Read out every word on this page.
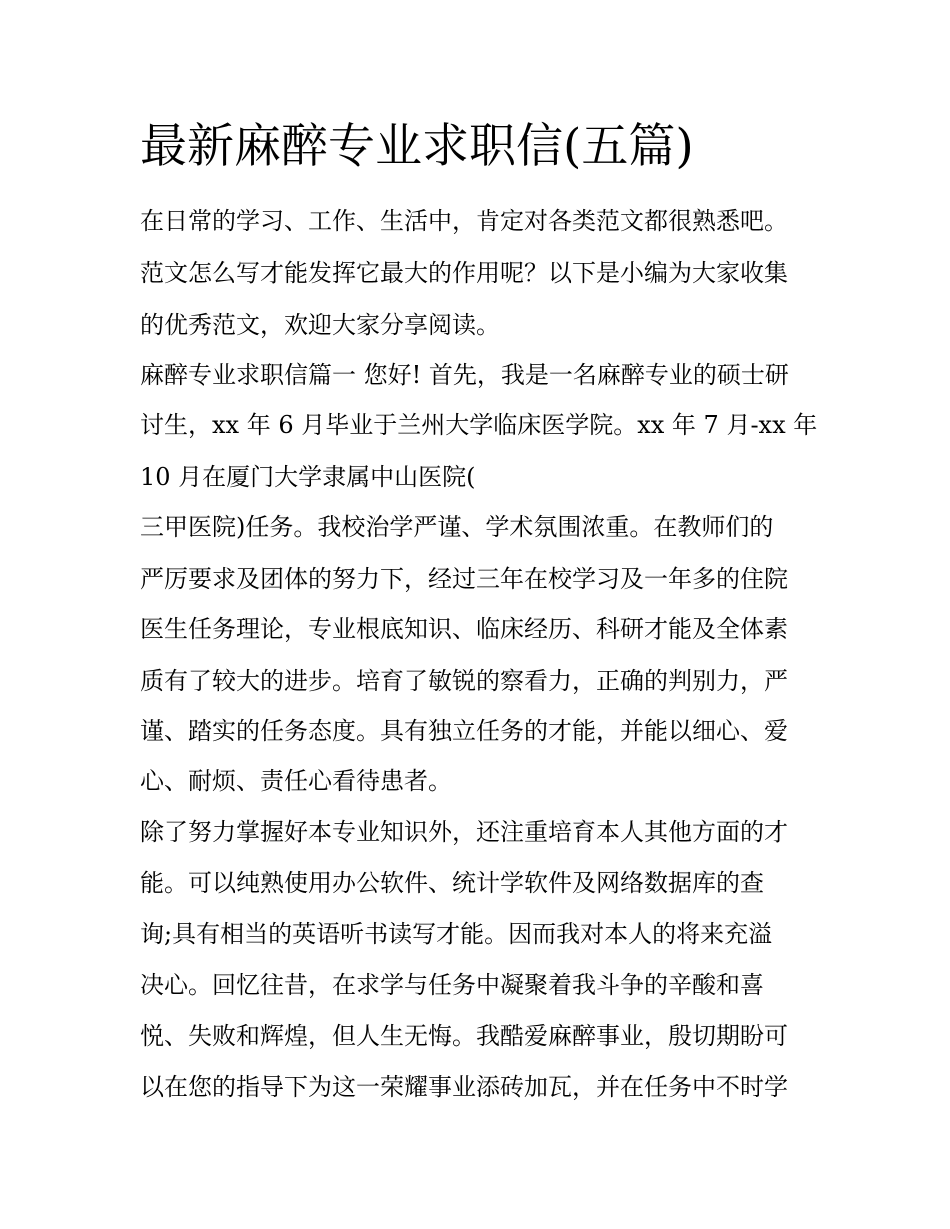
最新麻醉专业求职信(五篇)

在日常的学习、工作、生活中，肯定对各类范文都很熟悉吧。

范文怎么写才能发挥它最大的作用呢？以下是小编为大家收集

的优秀范文，欢迎大家分享阅读。

麻醉专业求职信篇一 您好! 首先，我是一名麻醉专业的硕士研

讨生，xx 年 6 月毕业于兰州大学临床医学院。xx 年 7 月-xx 年

10 月在厦门大学隶属中山医院(

三甲医院)任务。我校治学严谨、学术氛围浓重。在教师们的

严厉要求及团体的努力下，经过三年在校学习及一年多的住院

医生任务理论，专业根底知识、临床经历、科研才能及全体素

质有了较大的进步。培育了敏锐的察看力，正确的判别力，严

谨、踏实的任务态度。具有独立任务的才能，并能以细心、爱

心、耐烦、责任心看待患者。

除了努力掌握好本专业知识外，还注重培育本人其他方面的才

能。可以纯熟使用办公软件、统计学软件及网络数据库的查

询;具有相当的英语听书读写才能。因而我对本人的将来充溢

决心。回忆往昔，在求学与任务中凝聚着我斗争的辛酸和喜

悦、失败和辉煌，但人生无悔。我酷爱麻醉事业，殷切期盼可

以在您的指导下为这一荣耀事业添砖加瓦，并在任务中不时学
